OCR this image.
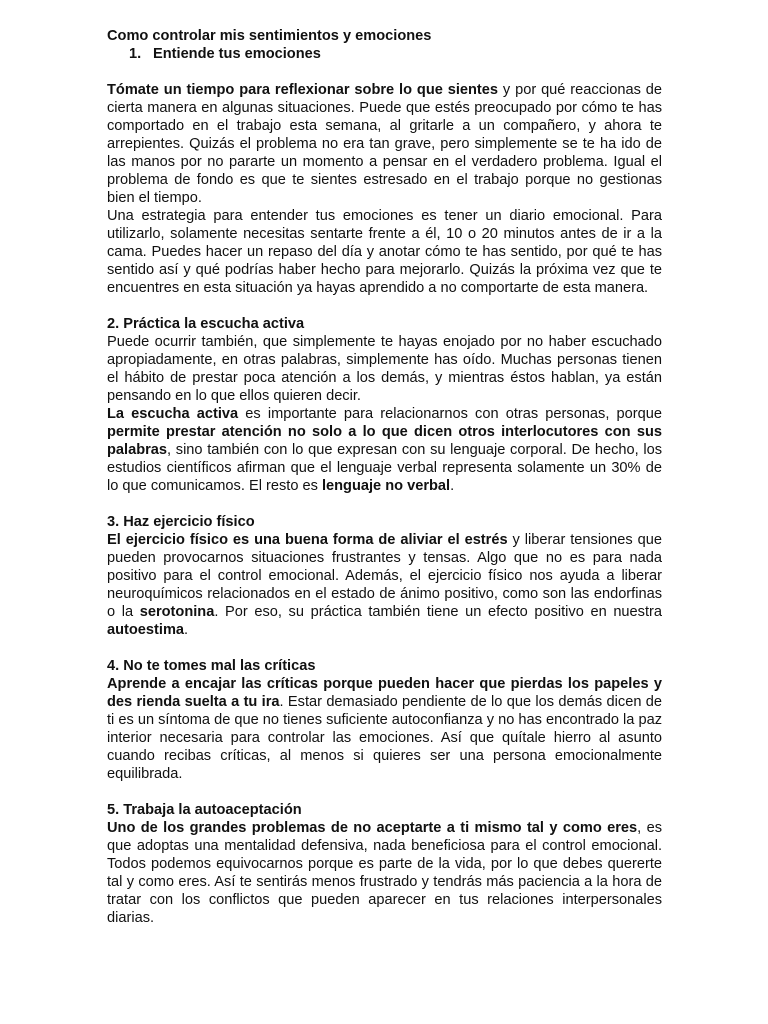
Como controlar mis sentimientos y emociones
1. Entiende tus emociones

Tómate un tiempo para reflexionar sobre lo que sientes y por qué reaccionas de cierta manera en algunas situaciones. Puede que estés preocupado por cómo te has comportado en el trabajo esta semana, al gritarle a un compañero, y ahora te arrepientes. Quizás el problema no era tan grave, pero simplemente se te ha ido de las manos por no pararte un momento a pensar en el verdadero problema. Igual el problema de fondo es que te sientes estresado en el trabajo porque no gestionas bien el tiempo.

Una estrategia para entender tus emociones es tener un diario emocional. Para utilizarlo, solamente necesitas sentarte frente a él, 10 o 20 minutos antes de ir a la cama. Puedes hacer un repaso del día y anotar cómo te has sentido, por qué te has sentido así y qué podrías haber hecho para mejorarlo. Quizás la próxima vez que te encuentres en esta situación ya hayas aprendido a no comportarte de esta manera.

2. Práctica la escucha activa

Puede ocurrir también, que simplemente te hayas enojado por no haber escuchado apropiadamente, en otras palabras, simplemente has oído. Muchas personas tienen el hábito de prestar poca atención a los demás, y mientras éstos hablan, ya están pensando en lo que ellos quieren decir.

La escucha activa es importante para relacionarnos con otras personas, porque permite prestar atención no solo a lo que dicen otros interlocutores con sus palabras, sino también con lo que expresan con su lenguaje corporal. De hecho, los estudios científicos afirman que el lenguaje verbal representa solamente un 30% de lo que comunicamos. El resto es lenguaje no verbal.

3. Haz ejercicio físico

El ejercicio físico es una buena forma de aliviar el estrés y liberar tensiones que pueden provocarnos situaciones frustrantes y tensas. Algo que no es para nada positivo para el control emocional. Además, el ejercicio físico nos ayuda a liberar neuroquímicos relacionados en el estado de ánimo positivo, como son las endorfinas o la serotonina. Por eso, su práctica también tiene un efecto positivo en nuestra autoestima.

4. No te tomes mal las críticas

Aprende a encajar las críticas porque pueden hacer que pierdas los papeles y des rienda suelta a tu ira. Estar demasiado pendiente de lo que los demás dicen de ti es un síntoma de que no tienes suficiente autoconfianza y no has encontrado la paz interior necesaria para controlar las emociones. Así que quítale hierro al asunto cuando recibas críticas, al menos si quieres ser una persona emocionalmente equilibrada.

5. Trabaja la autoaceptación

Uno de los grandes problemas de no aceptarte a ti mismo tal y como eres, es que adoptas una mentalidad defensiva, nada beneficiosa para el control emocional. Todos podemos equivocarnos porque es parte de la vida, por lo que debes quererte tal y como eres. Así te sentirás menos frustrado y tendrás más paciencia a la hora de tratar con los conflictos que pueden aparecer en tus relaciones interpersonales diarias.
